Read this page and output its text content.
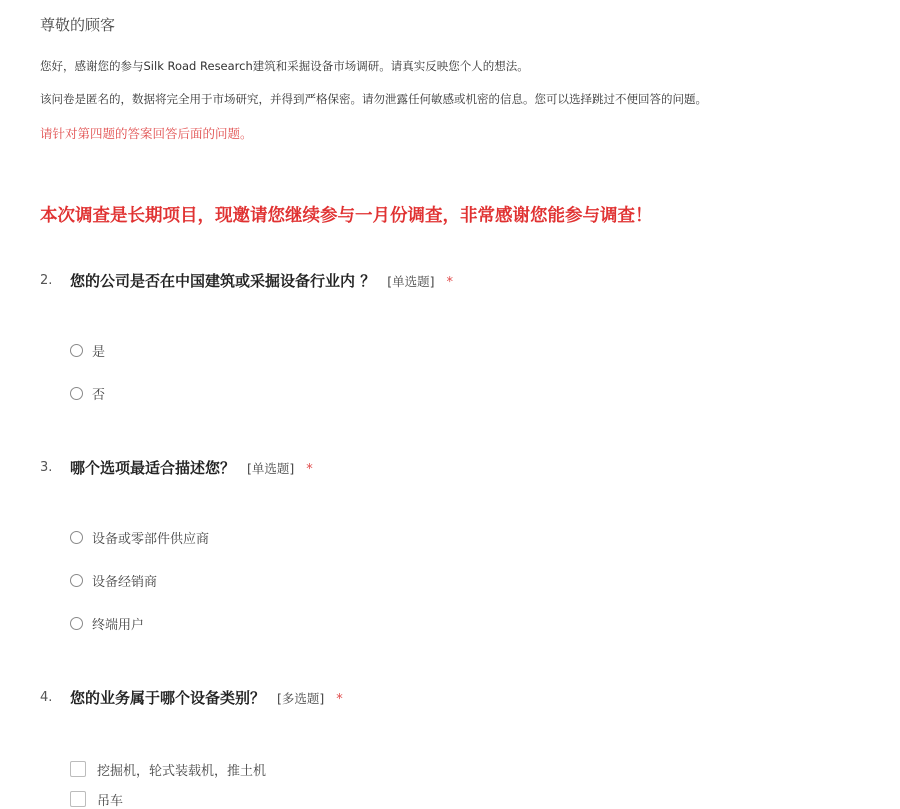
尊敬的顾客
您好，感谢您的参与Silk Road Research建筑和采掘设备市场调研。请真实反映您个人的想法。
该问卷是匿名的，数据将完全用于市场研究，并得到严格保密。请勿泄露任何敏感或机密的信息。您可以选择跳过不便回答的问题。
请针对第四题的答案回答后面的问题。
本次调查是长期项目，现邀请您继续参与一月份调查，非常感谢您能参与调查！
2. 您的公司是否在中国建筑或采掘设备行业内 ？ [单选题] *
是
否
3. 哪个选项最适合描述您？ [单选题] *
设备或零部件供应商
设备经销商
终端用户
4. 您的业务属于哪个设备类别？ [多选题] *
挖掘机，轮式装载机，推土机
吊车
